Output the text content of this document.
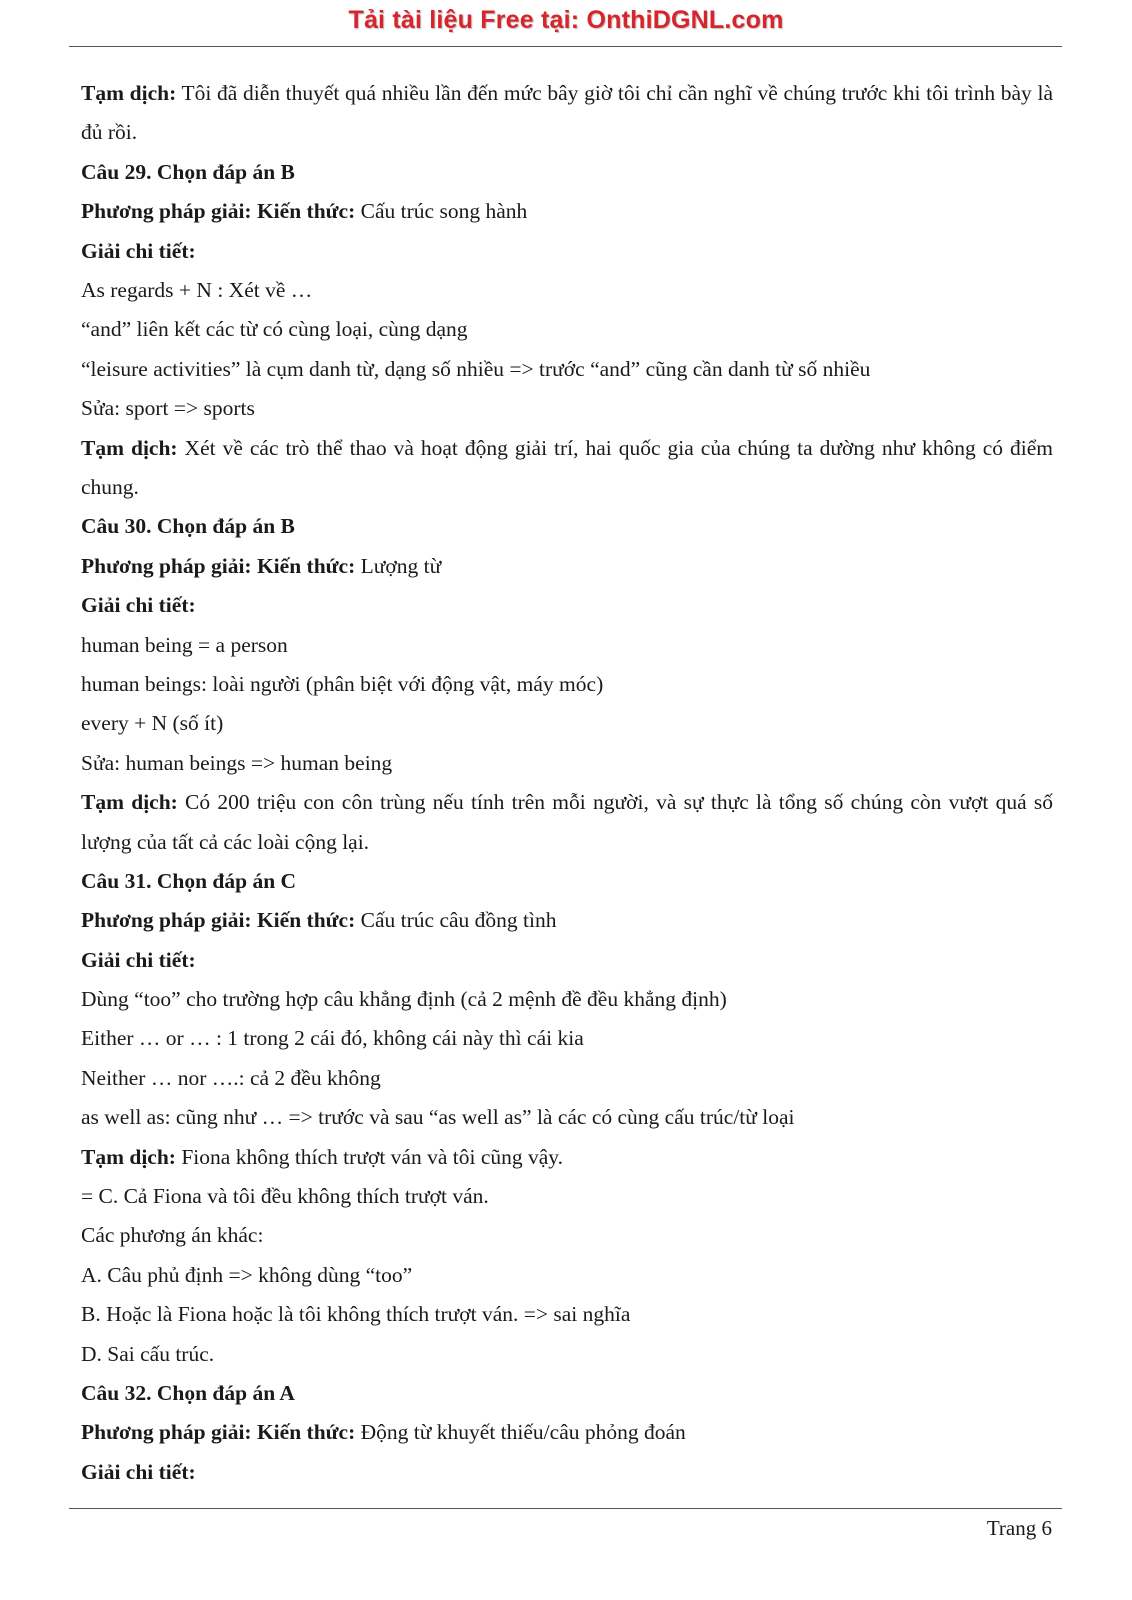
Tải tài liệu Free tại: OnthiDGNL.com
Tạm dịch: Tôi đã diễn thuyết quá nhiều lần đến mức bây giờ tôi chỉ cần nghĩ về chúng trước khi tôi trình bày là đủ rồi.
Câu 29. Chọn đáp án B
Phương pháp giải: Kiến thức: Cấu trúc song hành
Giải chi tiết:
As regards + N : Xét về …
“and” liên kết các từ có cùng loại, cùng dạng
“leisure activities” là cụm danh từ, dạng số nhiều => trước “and” cũng cần danh từ số nhiều
Sửa: sport => sports
Tạm dịch: Xét về các trò thể thao và hoạt động giải trí, hai quốc gia của chúng ta dường như không có điểm chung.
Câu 30. Chọn đáp án B
Phương pháp giải: Kiến thức: Lượng từ
Giải chi tiết:
human being = a person
human beings: loài người (phân biệt với động vật, máy móc)
every + N (số ít)
Sửa: human beings => human being
Tạm dịch: Có 200 triệu con côn trùng nếu tính trên mỗi người, và sự thực là tổng số chúng còn vượt quá số lượng của tất cả các loài cộng lại.
Câu 31. Chọn đáp án C
Phương pháp giải: Kiến thức: Cấu trúc câu đồng tình
Giải chi tiết:
Dùng “too” cho trường hợp câu khẳng định (cả 2 mệnh đề đều khẳng định)
Either … or … : 1 trong 2 cái đó, không cái này thì cái kia
Neither … nor ….: cả 2 đều không
as well as: cũng như … => trước và sau “as well as” là các có cùng cấu trúc/từ loại
Tạm dịch: Fiona không thích trượt ván và tôi cũng vậy.
= C. Cả Fiona và tôi đều không thích trượt ván.
Các phương án khác:
A. Câu phủ định => không dùng “too”
B. Hoặc là Fiona hoặc là tôi không thích trượt ván. => sai nghĩa
D. Sai cấu trúc.
Câu 32. Chọn đáp án A
Phương pháp giải: Kiến thức: Động từ khuyết thiếu/câu phỏng đoán
Giải chi tiết:
Trang 6
